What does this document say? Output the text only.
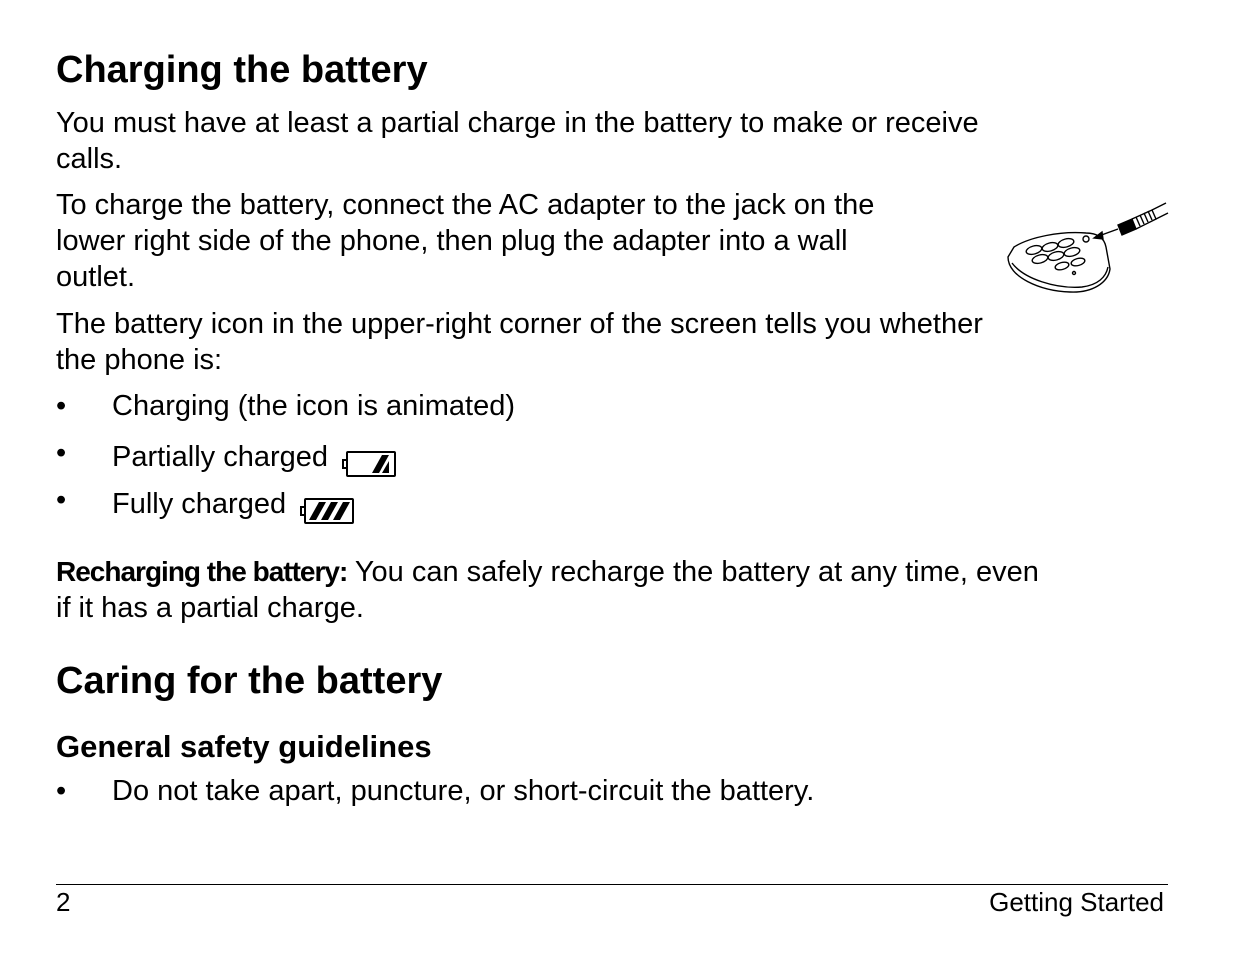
Charging the battery
You must have at least a partial charge in the battery to make or receive
calls.
To charge the battery, connect the AC adapter to the jack on the
lower right side of the phone, then plug the adapter into a wall
outlet.
The battery icon in the upper-right corner of the screen tells you whether
the phone is:
• Charging (the icon is animated)
• Partially charged
• Fully charged
Recharging the battery: You can safely recharge the battery at any time, even
if it has a partial charge.
Caring for the battery
General safety guidelines
• Do not take apart, puncture, or short-circuit the battery.
2	Getting Started
